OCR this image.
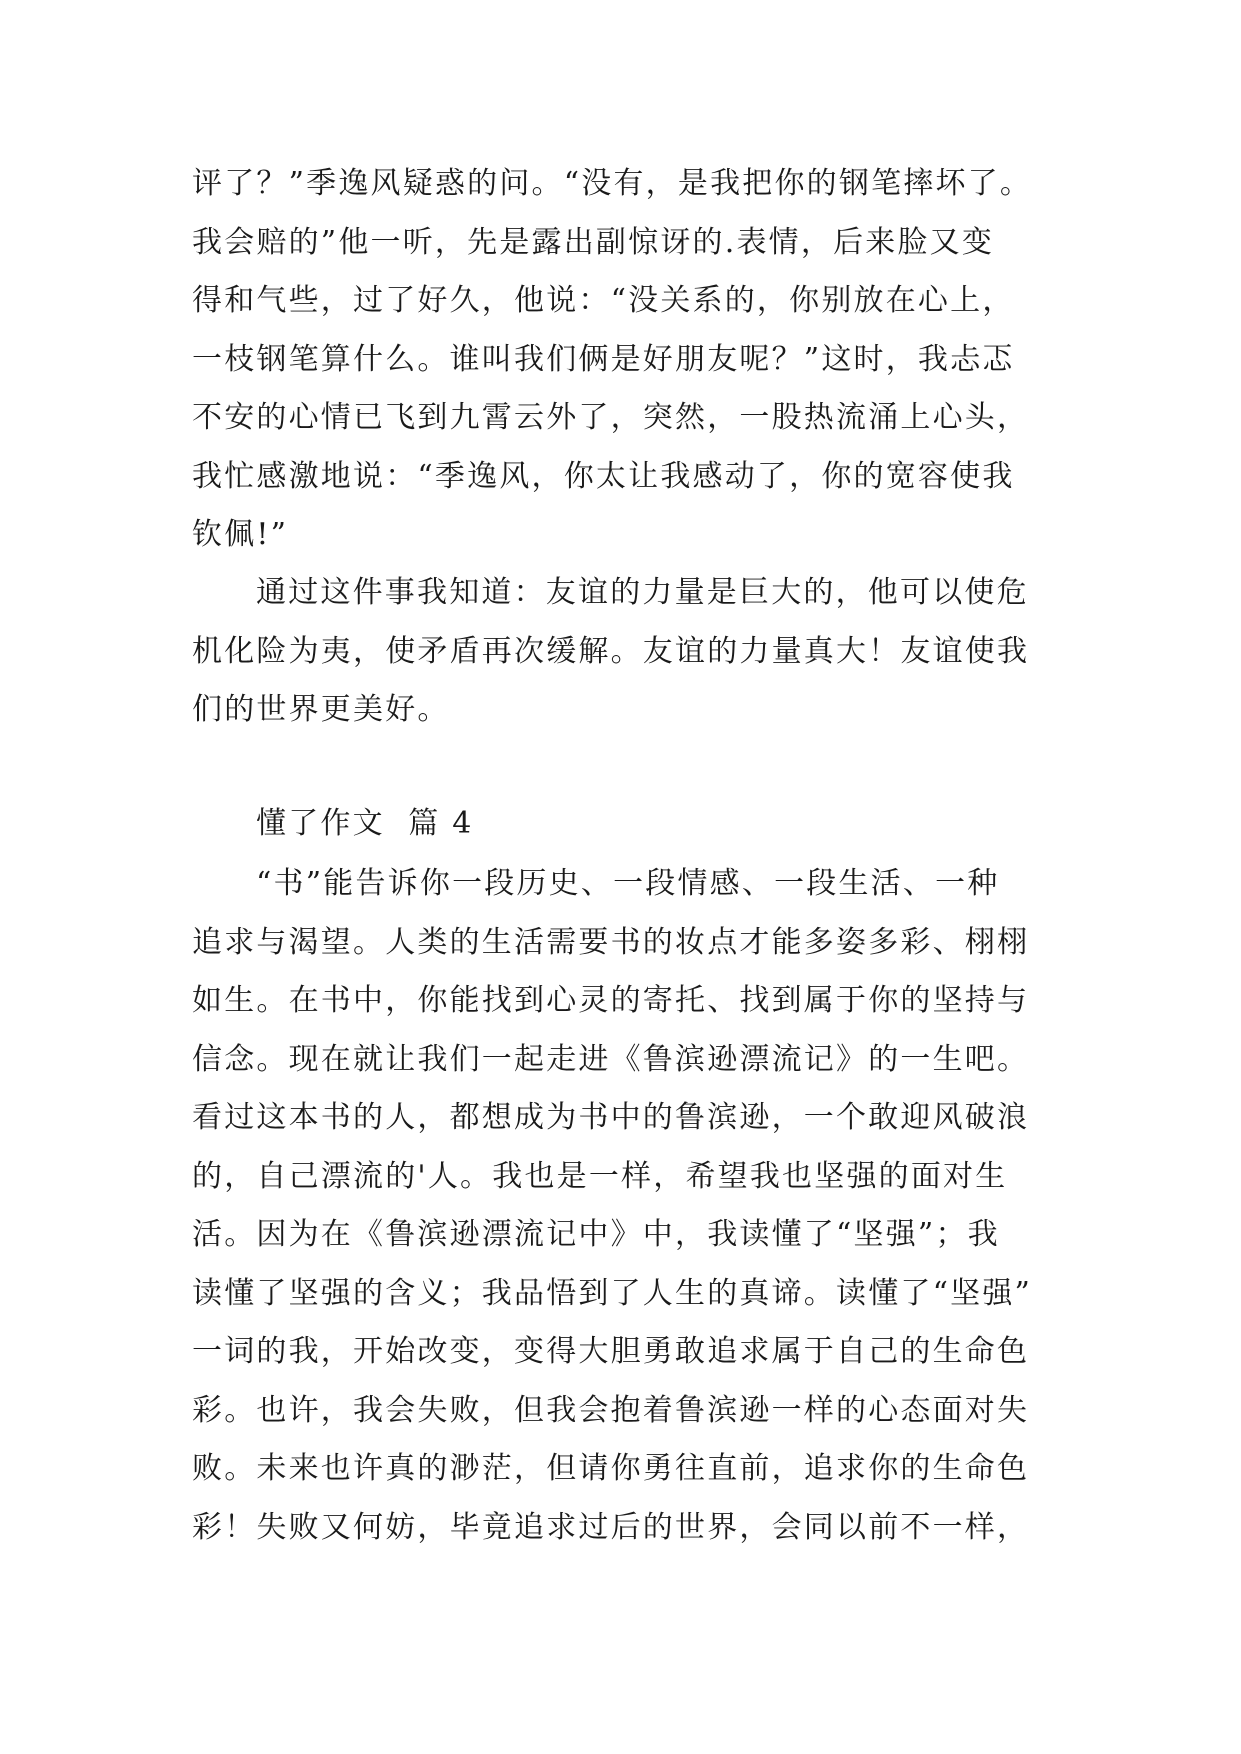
评了？”季逸风疑惑的问。“没有，是我把你的钢笔摔坏了。
我会赔的”他一听，先是露出副惊讶的.表情，后来脸又变
得和气些，过了好久，他说：“没关系的，你别放在心上，
一枝钢笔算什么。谁叫我们俩是好朋友呢？”这时，我忐忑
不安的心情已飞到九霄云外了，突然，一股热流涌上心头，
我忙感激地说：“季逸风，你太让我感动了，你的宽容使我
钦佩!”
通过这件事我知道：友谊的力量是巨大的，他可以使危
机化险为夷，使矛盾再次缓解。友谊的力量真大！友谊使我
们的世界更美好。
懂了作文  篇 4
“书”能告诉你一段历史、一段情感、一段生活、一种
追求与渴望。人类的生活需要书的妆点才能多姿多彩、栩栩
如生。在书中，你能找到心灵的寄托、找到属于你的坚持与
信念。现在就让我们一起走进《鲁滨逊漂流记》的一生吧。
看过这本书的人，都想成为书中的鲁滨逊，一个敢迎风破浪
的，自己漂流的'人。我也是一样，希望我也坚强的面对生
活。因为在《鲁滨逊漂流记中》中，我读懂了“坚强”；我
读懂了坚强的含义；我品悟到了人生的真谛。读懂了“坚强”
一词的我，开始改变，变得大胆勇敢追求属于自己的生命色
彩。也许，我会失败，但我会抱着鲁滨逊一样的心态面对失
败。未来也许真的渺茫，但请你勇往直前，追求你的生命色
彩！失败又何妨，毕竟追求过后的世界，会同以前不一样，
